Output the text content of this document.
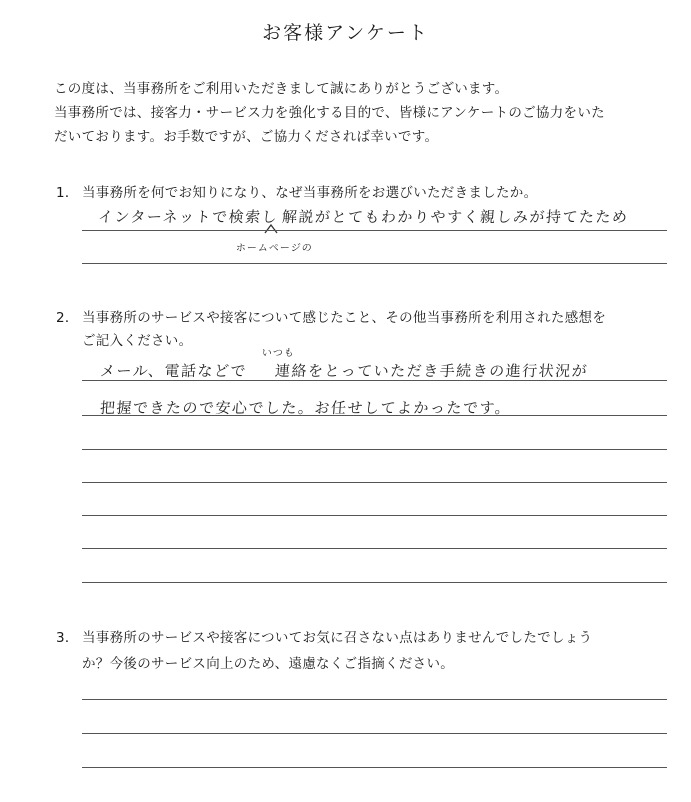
お客様アンケート
この度は、当事務所をご利用いただきまして誠にありがとうございます。
当事務所では、接客力・サービス力を強化する目的で、皆様にアンケートのご協力をいた
だいております。お手数ですが、ご協力くだされば幸いです。
1． 当事務所を何でお知りになり、なぜ当事務所をお選びいただきましたか。
インターネットで検索し 解説がとてもわかりやすく親しみが持てたため
ホームページの
2． 当事務所のサービスや接客について感じたこと、その他当事務所を利用された感想を
ご記入ください。
いつも
メール、電話などで 連絡をとっていただき手続きの進行状況が
把握できたので安心でした。お任せしてよかったです。
3． 当事務所のサービスや接客についてお気に召さない点はありませんでしたでしょう
か？今後のサービス向上のため、遠慮なくご指摘ください。
